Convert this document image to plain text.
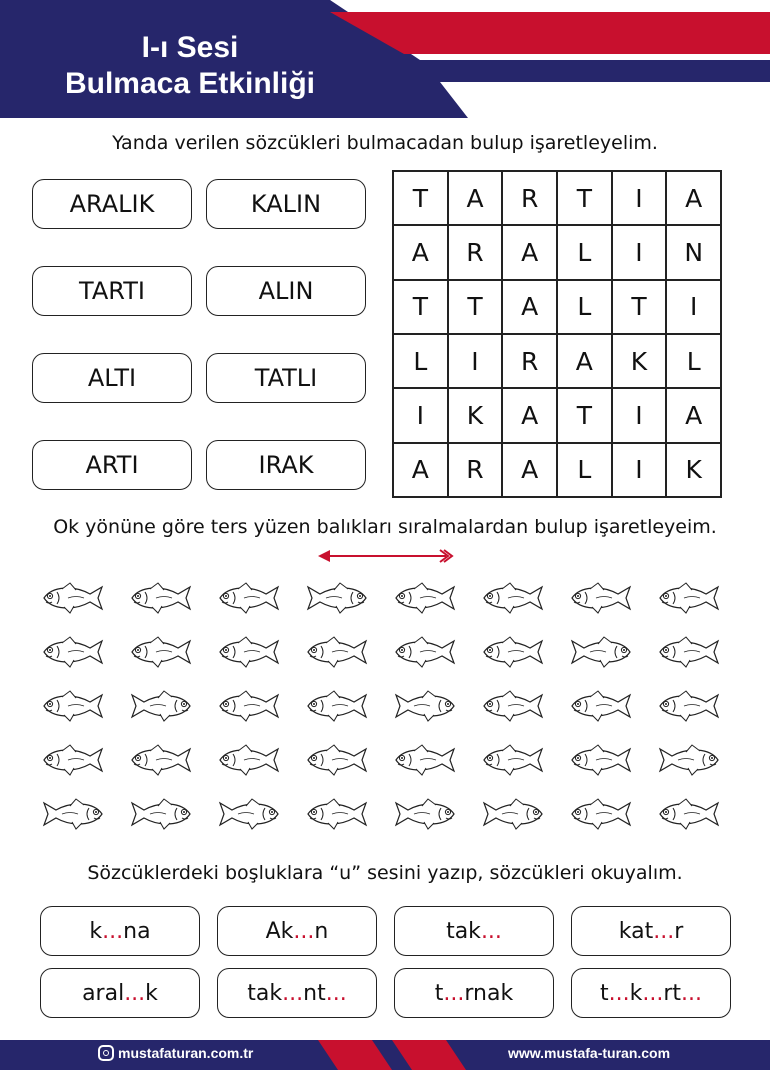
I-ı Sesi
Bulmaca Etkinliği
Yanda verilen sözcükleri bulmacadan bulup işaretleyelim.
ARALIK	KALIN
TARTI	ALIN
ALTI	TATLI
ARTI	IRAK
T	A	R	T	I	A
A	R	A	L	I	N
T	T	A	L	T	I
L	I	R	A	K	L
I	K	A	T	I	A
A	R	A	L	I	K
Ok yönüne göre ters yüzen balıkları sıralmalardan bulup işaretleyeim.
Sözcüklerdeki boşluklara “u” sesini yazıp, sözcükleri okuyalım.
k ... na	Ak ... n	tak ...	kat ... r
aral ... k	tak ... nt ...	t ... rnak	t ... k ... rt ...
mustafaturan.com.tr	www.mustafa-turan.com
